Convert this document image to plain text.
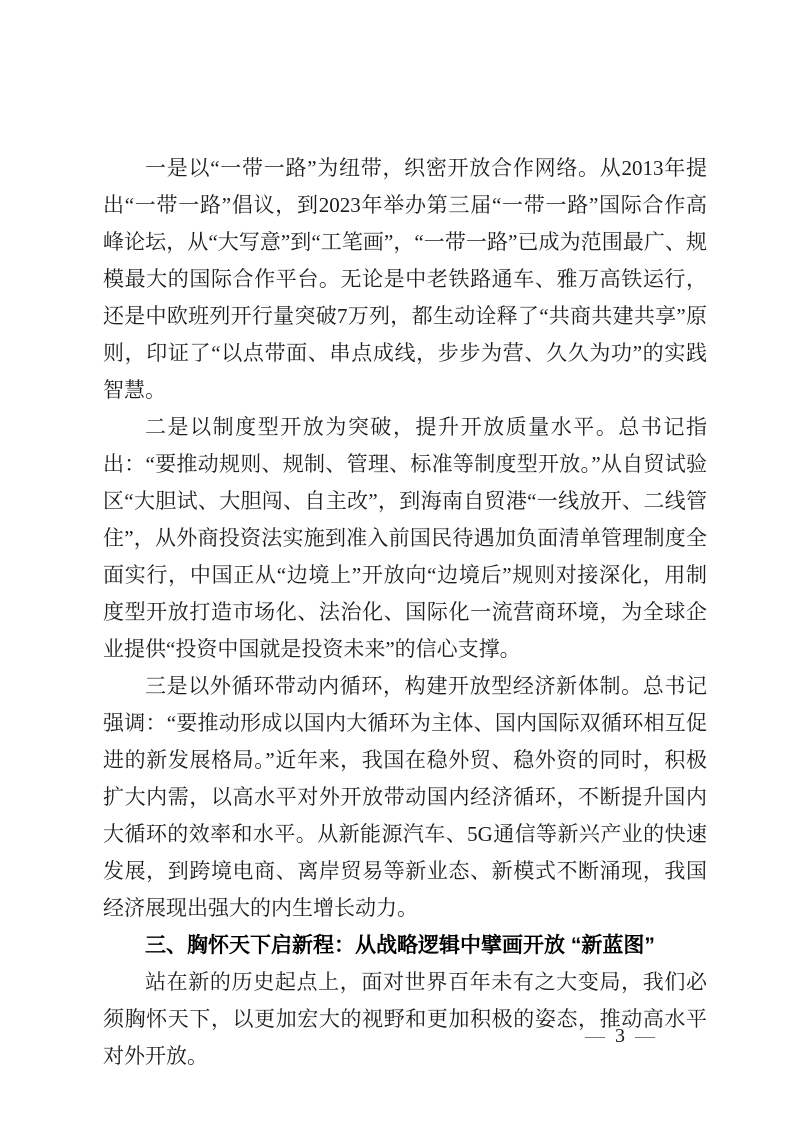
一是以“一带一路”为纽带，织密开放合作网络。从2013年提出“一带一路”倡议，到2023年举办第三届“一带一路”国际合作高峰论坛，从“大写意”到“工笔画”，“一带一路”已成为范围最广、规模最大的国际合作平台。无论是中老铁路通车、雅万高铁运行，还是中欧班列开行量突破7万列，都生动诠释了“共商共建共享”原则，印证了“以点带面、串点成线，步步为营、久久为功”的实践智慧。

二是以制度型开放为突破，提升开放质量水平。总书记指出：“要推动规则、规制、管理、标准等制度型开放。”从自贸试验区“大胆试、大胆闯、自主改”，到海南自贸港“一线放开、二线管住”，从外商投资法实施到准入前国民待遇加负面清单管理制度全面实行，中国正从“边境上”开放向“边境后”规则对接深化，用制度型开放打造市场化、法治化、国际化一流营商环境，为全球企业提供“投资中国就是投资未来”的信心支撑。

三是以外循环带动内循环，构建开放型经济新体制。总书记强调：“要推动形成以国内大循环为主体、国内国际双循环相互促进的新发展格局。”近年来，我国在稳外贸、稳外资的同时，积极扩大内需，以高水平对外开放带动国内经济循环，不断提升国内大循环的效率和水平。从新能源汽车、5G通信等新兴产业的快速发展，到跨境电商、离岸贸易等新业态、新模式不断涌现，我国经济展现出强大的内生增长动力。

三、胸怀天下启新程：从战略逻辑中擘画开放 “新蓝图”

站在新的历史起点上，面对世界百年未有之大变局，我们必须胸怀天下，以更加宏大的视野和更加积极的姿态，推动高水平对外开放。

— 3 —
